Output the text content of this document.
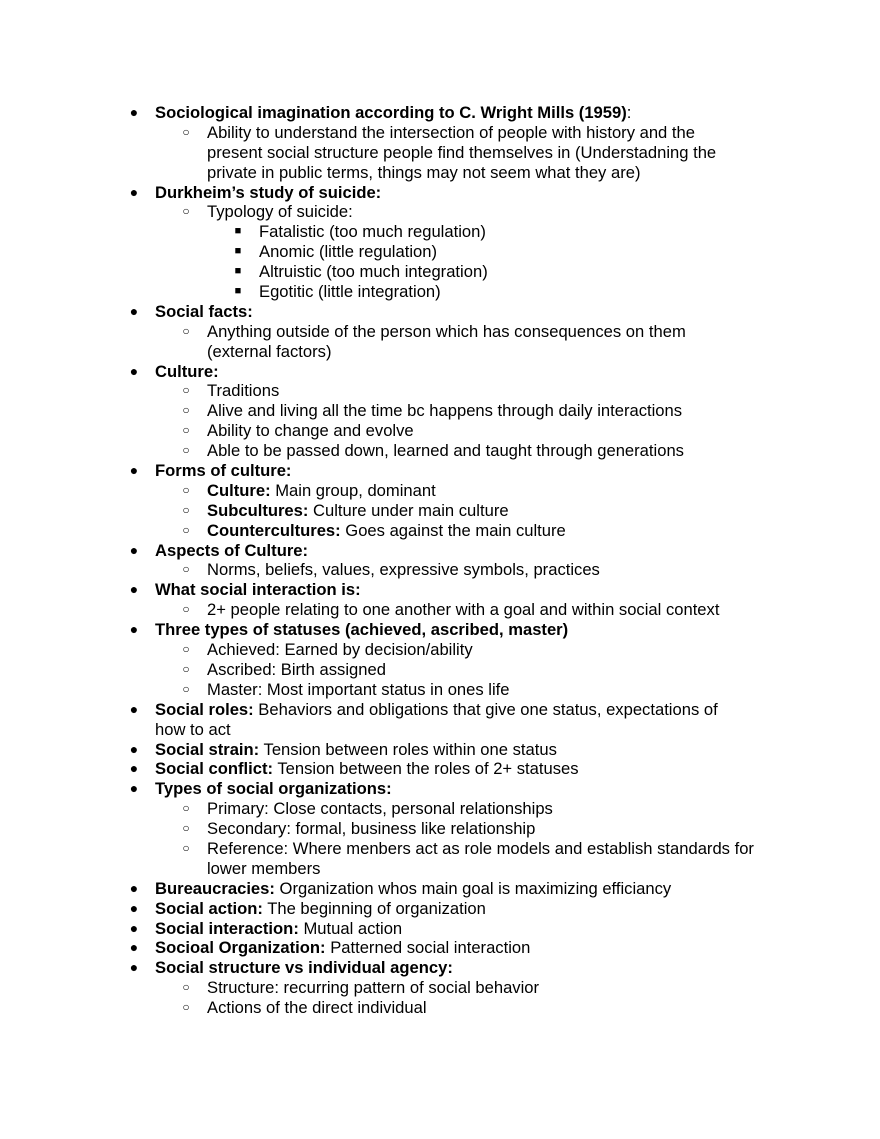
● Sociological imagination according to C. Wright Mills (1959):
○ Ability to understand the intersection of people with history and the
present social structure people find themselves in (Understadning the
private in public terms, things may not seem what they are)
● Durkheim’s study of suicide:
○ Typology of suicide:
■ Fatalistic (too much regulation)
■ Anomic (little regulation)
■ Altruistic (too much integration)
■ Egotitic (little integration)
● Social facts:
○ Anything outside of the person which has consequences on them
(external factors)
● Culture:
○ Traditions
○ Alive and living all the time bc happens through daily interactions
○ Ability to change and evolve
○ Able to be passed down, learned and taught through generations
● Forms of culture:
○ Culture: Main group, dominant
○ Subcultures: Culture under main culture
○ Countercultures: Goes against the main culture
● Aspects of Culture:
○ Norms, beliefs, values, expressive symbols, practices
● What social interaction is:
○ 2+ people relating to one another with a goal and within social context
● Three types of statuses (achieved, ascribed, master)
○ Achieved: Earned by decision/ability
○ Ascribed: Birth assigned
○ Master: Most important status in ones life
● Social roles: Behaviors and obligations that give one status, expectations of
how to act
● Social strain: Tension between roles within one status
● Social conflict: Tension between the roles of 2+ statuses
● Types of social organizations:
○ Primary: Close contacts, personal relationships
○ Secondary: formal, business like relationship
○ Reference: Where menbers act as role models and establish standards for
lower members
● Bureaucracies: Organization whos main goal is maximizing efficiancy
● Social action: The beginning of organization
● Social interaction: Mutual action
● Socioal Organization: Patterned social interaction
● Social structure vs individual agency:
○ Structure: recurring pattern of social behavior
○ Actions of the direct individual
